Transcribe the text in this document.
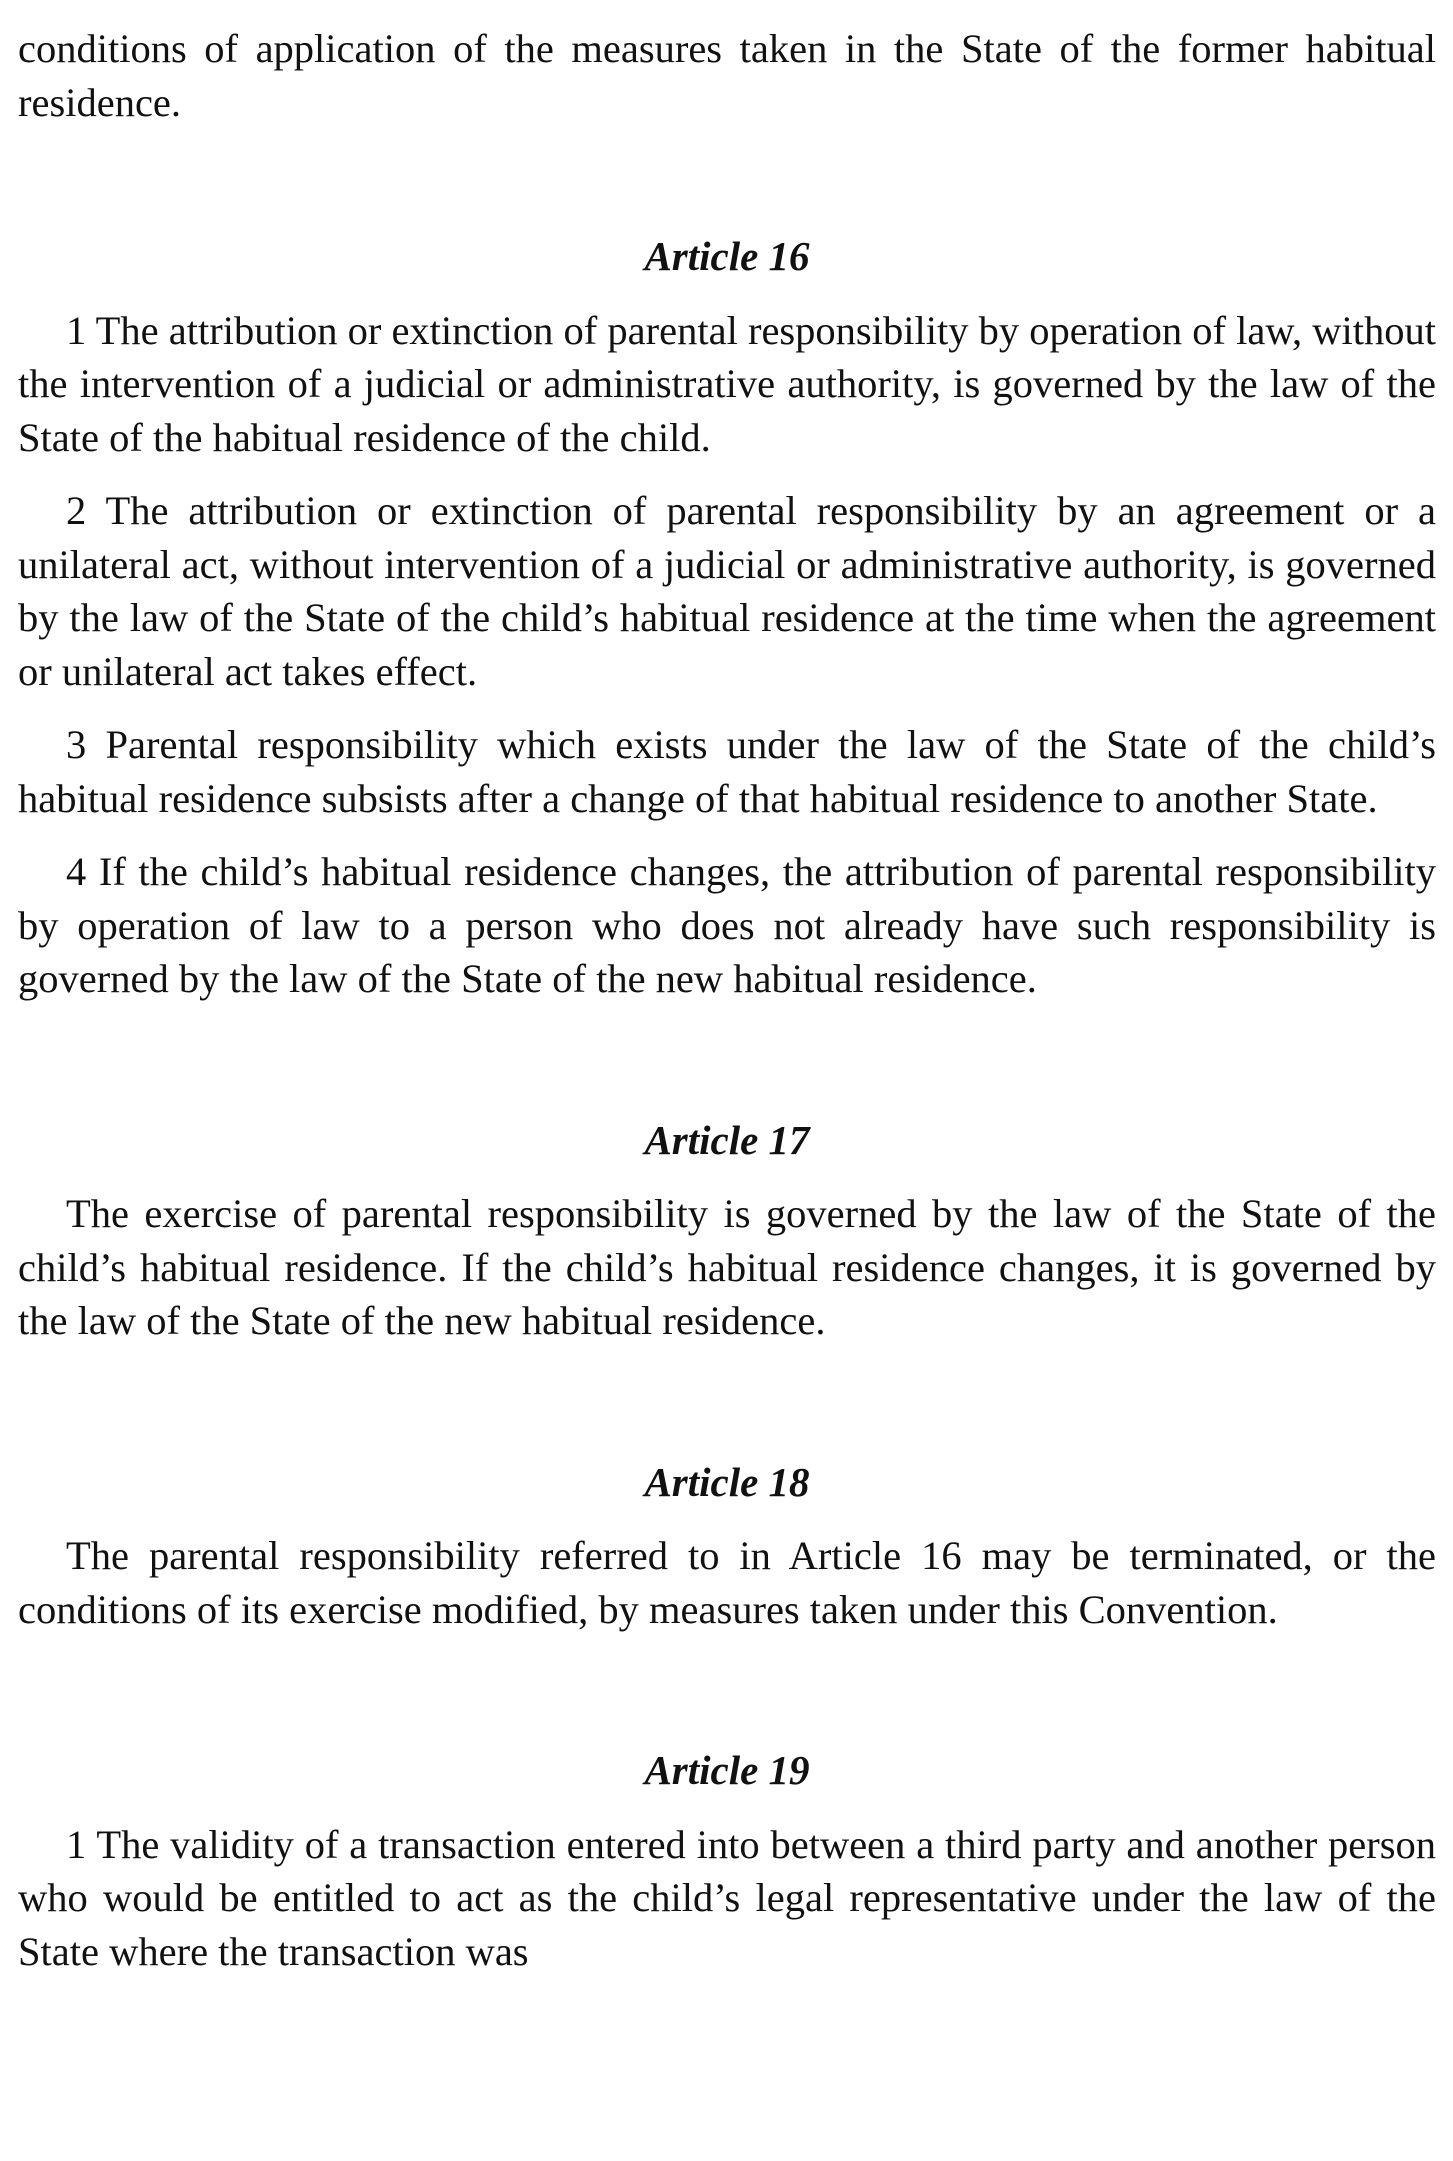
conditions of application of the measures taken in the State of the former habitual residence.

Article 16

1 The attribution or extinction of parental responsibility by operation of law, without the intervention of a judicial or administrative authority, is governed by the law of the State of the habitual residence of the child.

2 The attribution or extinction of parental responsibility by an agreement or a unilateral act, without intervention of a judicial or administrative authority, is governed by the law of the State of the child’s habitual residence at the time when the agreement or unilateral act takes effect.

3 Parental responsibility which exists under the law of the State of the child’s habitual residence subsists after a change of that habitual residence to another State.

4 If the child’s habitual residence changes, the attribution of parental responsibility by operation of law to a person who does not already have such responsibility is governed by the law of the State of the new habitual residence.

Article 17

The exercise of parental responsibility is governed by the law of the State of the child’s habitual residence. If the child’s habitual residence changes, it is governed by the law of the State of the new habitual residence.

Article 18

The parental responsibility referred to in Article 16 may be terminated, or the conditions of its exercise modified, by measures taken under this Convention.

Article 19

1 The validity of a transaction entered into between a third party and another person who would be entitled to act as the child’s legal representative under the law of the State where the transaction was
